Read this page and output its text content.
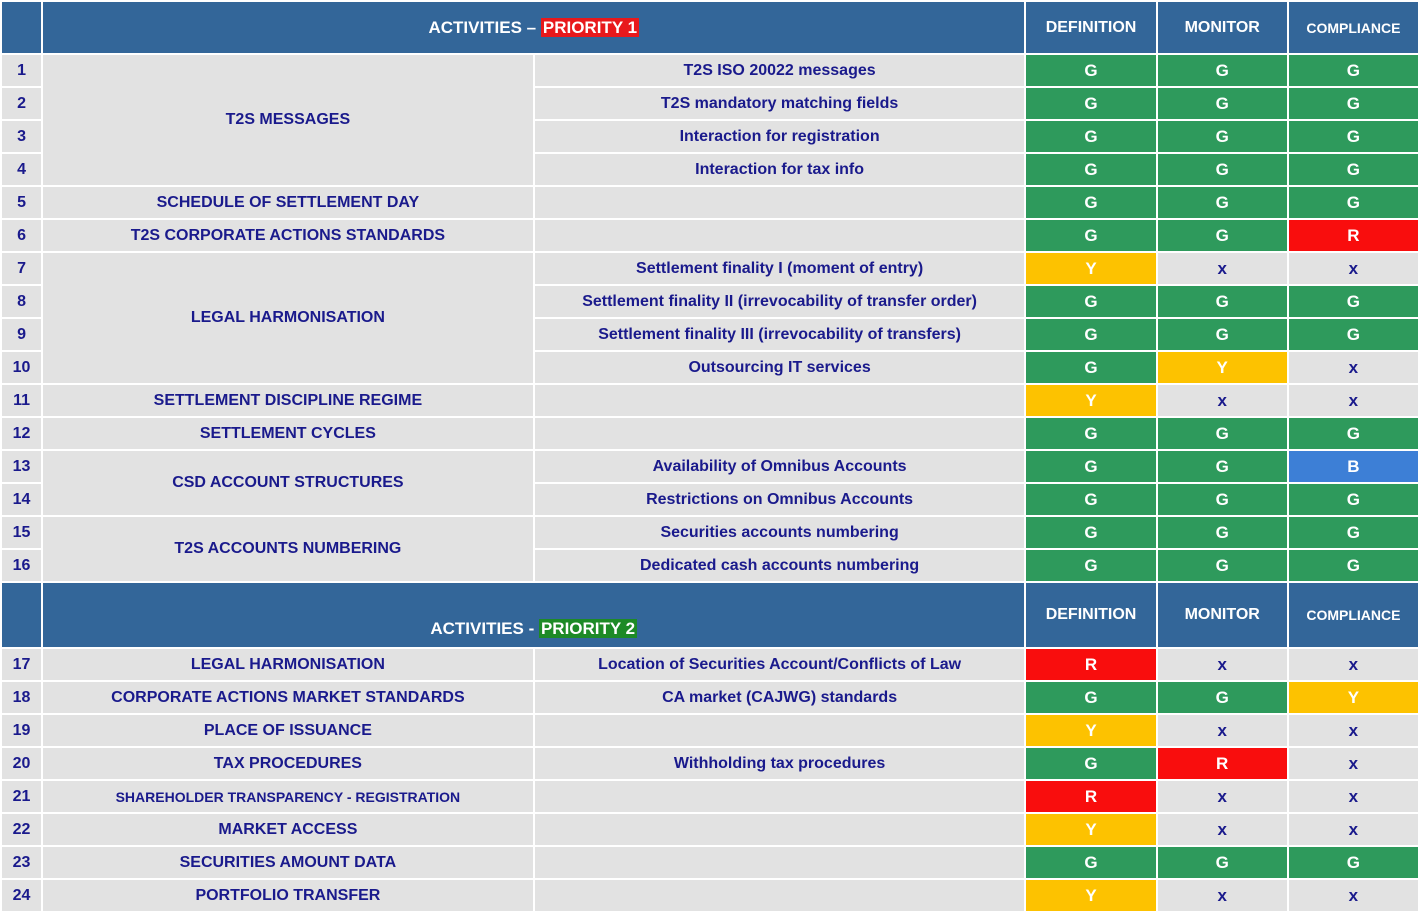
	ACTIVITIES – PRIORITY 1		DEFINITION	MONITOR	COMPLIANCE
1	T2S MESSAGES	T2S ISO 20022 messages	G	G	G
2		T2S mandatory matching fields	G	G	G
3		Interaction for registration	G	G	G
4		Interaction for tax info	G	G	G
5	SCHEDULE OF SETTLEMENT DAY		G	G	G
6	T2S CORPORATE ACTIONS STANDARDS		G	G	R
7	LEGAL HARMONISATION	Settlement finality I (moment of entry)	Y	x	x
8		Settlement finality II (irrevocability of transfer order)	G	G	G
9		Settlement finality III (irrevocability of transfers)	G	G	G
10		Outsourcing IT services	G	Y	x
11	SETTLEMENT DISCIPLINE REGIME		Y	x	x
12	SETTLEMENT CYCLES		G	G	G
13	CSD ACCOUNT STRUCTURES	Availability of Omnibus Accounts	G	G	B
14		Restrictions on Omnibus Accounts	G	G	G
15	T2S ACCOUNTS NUMBERING	Securities accounts numbering	G	G	G
16		Dedicated cash accounts numbering	G	G	G
	ACTIVITIES - PRIORITY 2		DEFINITION	MONITOR	COMPLIANCE
17	LEGAL HARMONISATION	Location of Securities Account/Conflicts of Law	R	x	x
18	CORPORATE ACTIONS MARKET STANDARDS	CA market (CAJWG) standards	G	G	Y
19	PLACE OF ISSUANCE		Y	x	x
20	TAX PROCEDURES	Withholding tax procedures	G	R	x
21	SHAREHOLDER TRANSPARENCY - REGISTRATION		R	x	x
22	MARKET ACCESS		Y	x	x
23	SECURITIES AMOUNT DATA		G	G	G
24	PORTFOLIO TRANSFER		Y	x	x
